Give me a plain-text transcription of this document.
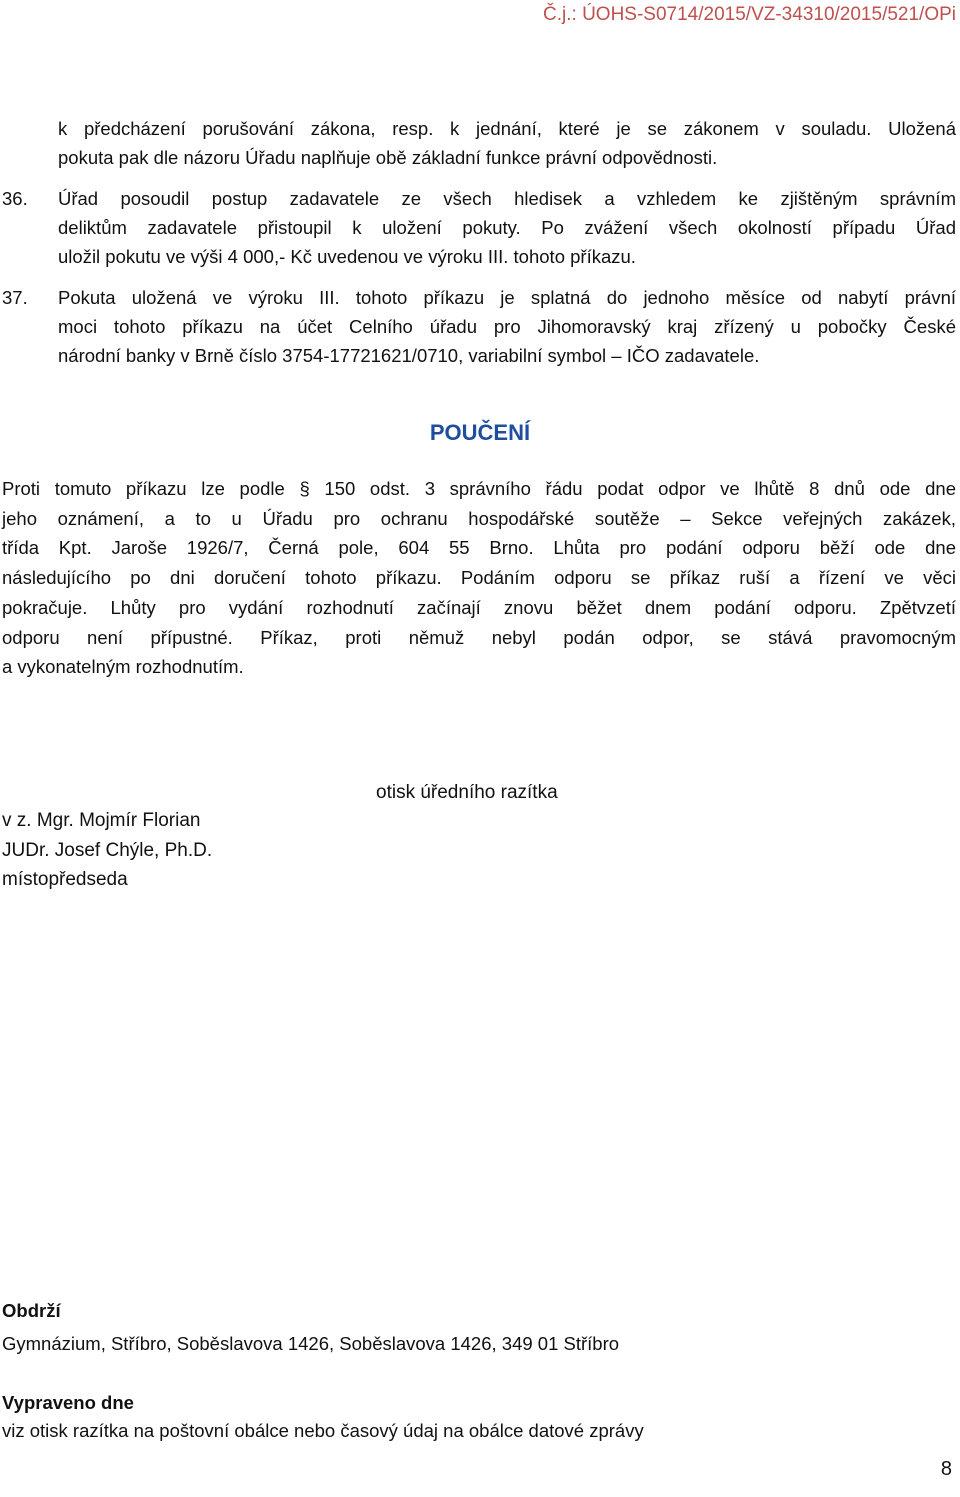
Č.j.: ÚOHS-S0714/2015/VZ-34310/2015/521/OPi
k předcházení porušování zákona, resp. k jednání, které je se zákonem v souladu. Uložená
pokuta pak dle názoru Úřadu naplňuje obě základní funkce právní odpovědnosti.
36. Úřad posoudil postup zadavatele ze všech hledisek a vzhledem ke zjištěným správním
deliktům zadavatele přistoupil k uložení pokuty. Po zvážení všech okolností případu Úřad
uložil pokutu ve výši 4 000,- Kč uvedenou ve výroku III. tohoto příkazu.
37. Pokuta uložená ve výroku III. tohoto příkazu je splatná do jednoho měsíce od nabytí právní
moci tohoto příkazu na účet Celního úřadu pro Jihomoravský kraj zřízený u pobočky České
národní banky v Brně číslo 3754-17721621/0710, variabilní symbol – IČO zadavatele.
POUČENÍ
Proti tomuto příkazu lze podle § 150 odst. 3 správního řádu podat odpor ve lhůtě 8 dnů ode dne
jeho oznámení, a to u Úřadu pro ochranu hospodářské soutěže – Sekce veřejných zakázek,
třída Kpt. Jaroše 1926/7, Černá pole, 604 55 Brno. Lhůta pro podání odporu běží ode dne
následujícího po dni doručení tohoto příkazu. Podáním odporu se příkaz ruší a řízení ve věci
pokračuje. Lhůty pro vydání rozhodnutí začínají znovu běžet dnem podání odporu. Zpětvzetí
odporu není přípustné. Příkaz, proti němuž nebyl podán odpor, se stává pravomocným
a vykonatelným rozhodnutím.
otisk úředního razítka
v z. Mgr. Mojmír Florian
JUDr. Josef Chýle, Ph.D.
místopředseda
Obdrží
Gymnázium, Stříbro, Soběslavova 1426, Soběslavova 1426, 349 01 Stříbro
Vypraveno dne
viz otisk razítka na poštovní obálce nebo časový údaj na obálce datové zprávy
8
